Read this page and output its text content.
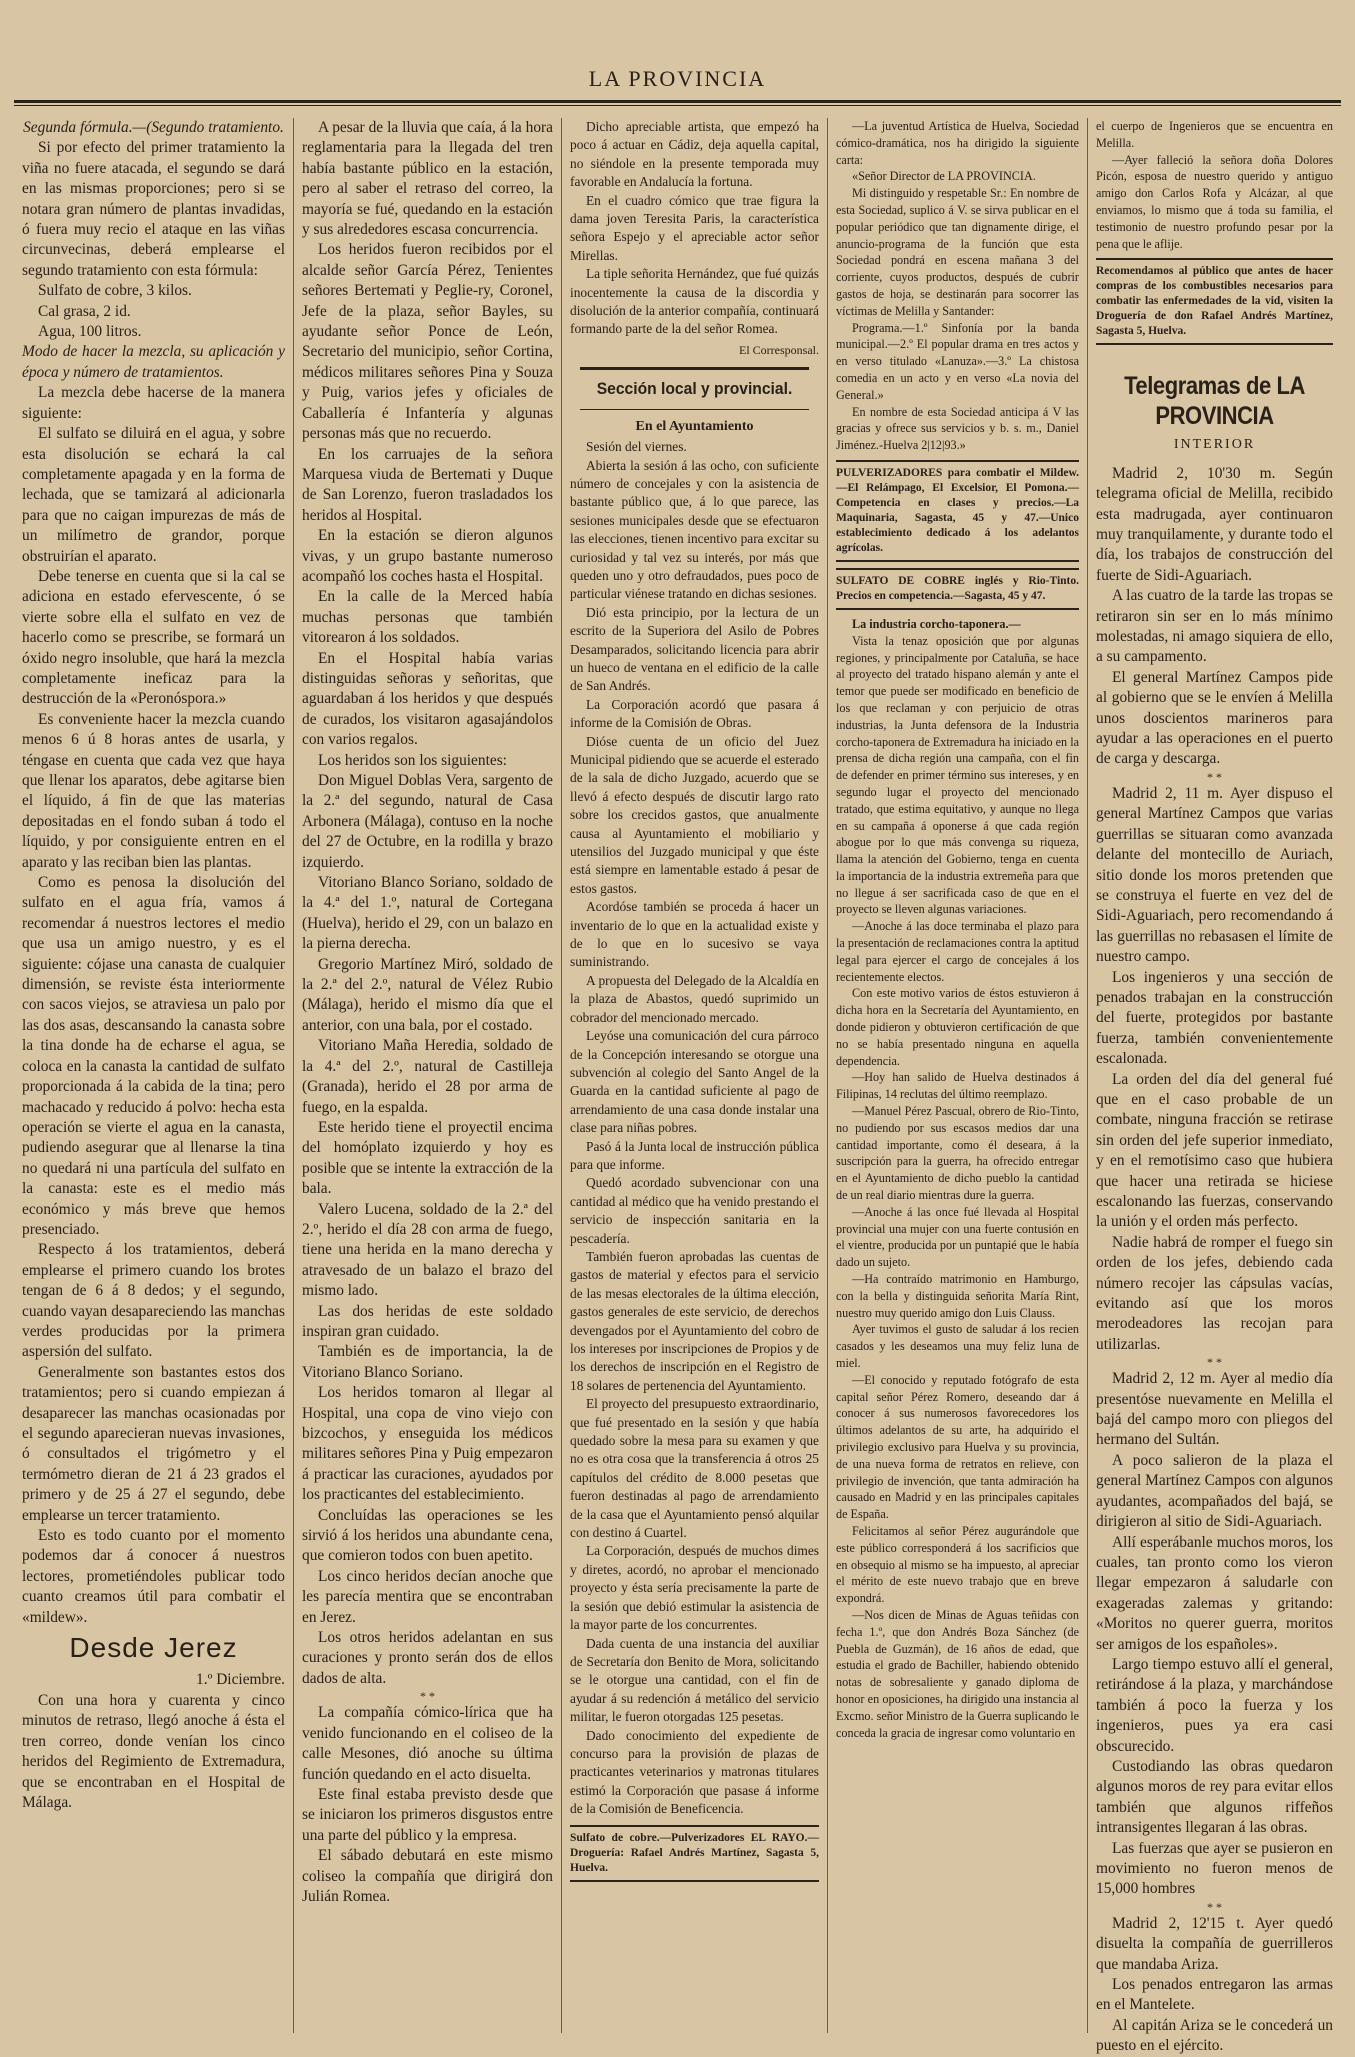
LA PROVINCIA

Segunda fórmula.—(Segundo tratamiento.

Si por efecto del primer tratamiento la viña no fuere atacada, el segundo se dará en las mismas proporciones; pero si se notara gran número de plantas invadidas, ó fuera muy recio el ataque en las viñas circunvecinas, deberá emplearse el segundo tratamiento con esta fórmula:

Sulfato de cobre, 3 kilos.

Cal grasa, 2 id.

Agua, 100 litros.

Modo de hacer la mezcla, su aplicación y época y número de tratamientos.

La mezcla debe hacerse de la manera siguiente:

El sulfato se diluirá en el agua, y sobre esta disolución se echará la cal completamente apagada y en la forma de lechada, que se tamizará al adicionarla para que no caigan impurezas de más de un milímetro de grandor, porque obstruirían el aparato.

Debe tenerse en cuenta que si la cal se adiciona en estado efervescente, ó se vierte sobre ella el sulfato en vez de hacerlo como se prescribe, se formará un óxido negro insoluble, que hará la mezcla completamente ineficaz para la destrucción de la «Peronóspora.»

Es conveniente hacer la mezcla cuando menos 6 ú 8 horas antes de usarla, y téngase en cuenta que cada vez que haya que llenar los aparatos, debe agitarse bien el líquido, á fin de que las materias depositadas en el fondo suban á todo el líquido, y por consiguiente entren en el aparato y las reciban bien las plantas.

Como es penosa la disolución del sulfato en el agua fría, vamos á recomendar á nuestros lectores el medio que usa un amigo nuestro, y es el siguiente: cójase una canasta de cualquier dimensión, se reviste ésta interiormente con sacos viejos, se atraviesa un palo por las dos asas, descansando la canasta sobre la tina donde ha de echarse el agua, se coloca en la canasta la cantidad de sulfato proporcionada á la cabida de la tina; pero machacado y reducido á polvo: hecha esta operación se vierte el agua en la canasta, pudiendo asegurar que al llenarse la tina no quedará ni una partícula del sulfato en la canasta: este es el medio más económico y más breve que hemos presenciado.

Respecto á los tratamientos, deberá emplearse el primero cuando los brotes tengan de 6 á 8 dedos; y el segundo, cuando vayan desapareciendo las manchas verdes producidas por la primera aspersión del sulfato.

Generalmente son bastantes estos dos tratamientos; pero si cuando empiezan á desaparecer las manchas ocasionadas por el segundo aparecieran nuevas invasiones, ó consultados el trigómetro y el termómetro dieran de 21 á 23 grados el primero y de 25 á 27 el segundo, debe emplearse un tercer tratamiento.

Esto es todo cuanto por el momento podemos dar á conocer á nuestros lectores, prometiéndoles publicar todo cuanto creamos útil para combatir el «mildew».

Desde Jerez

1.º Diciembre.

Con una hora y cuarenta y cinco minutos de retraso, llegó anoche á ésta el tren correo, donde venían los cinco heridos del Regimiento de Extremadura, que se encontraban en el Hospital de Málaga.

A pesar de la lluvia que caía, á la hora reglamentaria para la llegada del tren había bastante público en la estación, pero al saber el retraso del correo, la mayoría se fué, quedando en la estación y sus alrededores escasa concurrencia.

Los heridos fueron recibidos por el alcalde señor García Pérez, Tenientes señores Bertemati y Peglie-ry, Coronel, Jefe de la plaza, señor Bayles, su ayudante señor Ponce de León, Secretario del municipio, señor Cortina, médicos militares señores Pina y Souza y Puig, varios jefes y oficiales de Caballería é Infantería y algunas personas más que no recuerdo.

En los carruajes de la señora Marquesa viuda de Bertemati y Duque de San Lorenzo, fueron trasladados los heridos al Hospital.

En la estación se dieron algunos vivas, y un grupo bastante numeroso acompañó los coches hasta el Hospital.

En la calle de la Merced había muchas personas que también vitorearon á los soldados.

En el Hospital había varias distinguidas señoras y señoritas, que aguardaban á los heridos y que después de curados, los visitaron agasajándolos con varios regalos.

Los heridos son los siguientes:

Don Miguel Doblas Vera, sargento de la 2.ª del segundo, natural de Casa Arbonera (Málaga), contuso en la noche del 27 de Octubre, en la rodilla y brazo izquierdo.

Vitoriano Blanco Soriano, soldado de la 4.ª del 1.º, natural de Cortegana (Huelva), herido el 29, con un balazo en la pierna derecha.

Gregorio Martínez Miró, soldado de la 2.ª del 2.º, natural de Vélez Rubio (Málaga), herido el mismo día que el anterior, con una bala, por el costado.

Vitoriano Maña Heredia, soldado de la 4.ª del 2.º, natural de Castilleja (Granada), herido el 28 por arma de fuego, en la espalda.

Este herido tiene el proyectil encima del homóplato izquierdo y hoy es posible que se intente la extracción de la bala.

Valero Lucena, soldado de la 2.ª del 2.º, herido el día 28 con arma de fuego, tiene una herida en la mano derecha y atravesado de un balazo el brazo del mismo lado.

Las dos heridas de este soldado inspiran gran cuidado.

También es de importancia, la de Vitoriano Blanco Soriano.

Los heridos tomaron al llegar al Hospital, una copa de vino viejo con bizcochos, y enseguida los médicos militares señores Pina y Puig empezaron á practicar las curaciones, ayudados por los practicantes del establecimiento.

Concluídas las operaciones se les sirvió á los heridos una abundante cena, que comieron todos con buen apetito.

Los cinco heridos decían anoche que les parecía mentira que se encontraban en Jerez.

Los otros heridos adelantan en sus curaciones y pronto serán dos de ellos dados de alta.

* *

La compañía cómico-lírica que ha venido funcionando en el coliseo de la calle Mesones, dió anoche su última función quedando en el acto disuelta.

Este final estaba previsto desde que se iniciaron los primeros disgustos entre una parte del público y la empresa.

El sábado debutará en este mismo coliseo la compañía que dirigirá don Julián Romea.

Dicho apreciable artista, que empezó ha poco á actuar en Cádiz, deja aquella capital, no siéndole en la presente temporada muy favorable en Andalucía la fortuna.

En el cuadro cómico que trae figura la dama joven Teresita Paris, la característica señora Espejo y el apreciable actor señor Mirellas.

La tiple señorita Hernández, que fué quizás inocentemente la causa de la discordia y disolución de la anterior compañía, continuará formando parte de la del señor Romea.

El Corresponsal.
Sección local y provincial.
En el Ayuntamiento

Sesión del viernes.

Abierta la sesión á las ocho, con suficiente número de concejales y con la asistencia de bastante público que, á lo que parece, las sesiones municipales desde que se efectuaron las elecciones, tienen incentivo para excitar su curiosidad y tal vez su interés, por más que queden uno y otro defraudados, pues poco de particular viénese tratando en dichas sesiones.

Dió esta principio, por la lectura de un escrito de la Superiora del Asilo de Pobres Desamparados, solicitando licencia para abrir un hueco de ventana en el edificio de la calle de San Andrés.

La Corporación acordó que pasara á informe de la Comisión de Obras.

Dióse cuenta de un oficio del Juez Municipal pidiendo que se acuerde el esterado de la sala de dicho Juzgado, acuerdo que se llevó á efecto después de discutir largo rato sobre los crecidos gastos, que anualmente causa al Ayuntamiento el mobiliario y utensilios del Juzgado municipal y que éste está siempre en lamentable estado á pesar de estos gastos.

Acordóse también se proceda á hacer un inventario de lo que en la actualidad existe y de lo que en lo sucesivo se vaya suministrando.

A propuesta del Delegado de la Alcaldía en la plaza de Abastos, quedó suprimido un cobrador del mencionado mercado.

Leyóse una comunicación del cura párroco de la Concepción interesando se otorgue una subvención al colegio del Santo Angel de la Guarda en la cantidad suficiente al pago de arrendamiento de una casa donde instalar una clase para niñas pobres.

Pasó á la Junta local de instrucción pública para que informe.

Quedó acordado subvencionar con una cantidad al médico que ha venido prestando el servicio de inspección sanitaria en la pescadería.

También fueron aprobadas las cuentas de gastos de material y efectos para el servicio de las mesas electorales de la última elección, gastos generales de este servicio, de derechos devengados por el Ayuntamiento del cobro de los intereses por inscripciones de Propios y de los derechos de inscripción en el Registro de 18 solares de pertenencia del Ayuntamiento.

El proyecto del presupuesto extraordinario, que fué presentado en la sesión y que había quedado sobre la mesa para su examen y que no es otra cosa que la transferencia á otros 25 capítulos del crédito de 8.000 pesetas que fueron destinadas al pago de arrendamiento de la casa que el Ayuntamiento pensó alquilar con destino á Cuartel.

La Corporación, después de muchos dimes y diretes, acordó, no aprobar el mencionado proyecto y ésta sería precisamente la parte de la sesión que debió estimular la asistencia de la mayor parte de los concurrentes.

Dada cuenta de una instancia del auxiliar de Secretaría don Benito de Mora, solicitando se le otorgue una cantidad, con el fin de ayudar á su redención á metálico del servicio militar, le fueron otorgadas 125 pesetas.

Dado conocimiento del expediente de concurso para la provisión de plazas de practicantes veterinarios y matronas titulares estimó la Corporación que pasase á informe de la Comisión de Beneficencia.

Sulfato de cobre.—Pulverizadores EL RAYO.—Droguería: Rafael Andrés Martínez, Sagasta 5, Huelva.

—La juventud Artística de Huelva, Sociedad cómico-dramática, nos ha dirigido la siguiente carta:

«Señor Director de LA PROVINCIA.

Mi distinguido y respetable Sr.: En nombre de esta Sociedad, suplico á V. se sirva publicar en el popular periódico que tan dignamente dirige, el anuncio-programa de la función que esta Sociedad pondrá en escena mañana 3 del corriente, cuyos productos, después de cubrir gastos de hoja, se destinarán para socorrer las víctimas de Melilla y Santander:

Programa.—1.º Sinfonía por la banda municipal.—2.º El popular drama en tres actos y en verso titulado «Lanuza».—3.º La chistosa comedia en un acto y en verso «La novia del General.»

En nombre de esta Sociedad anticipa á V las gracias y ofrece sus servicios y b. s. m., Daniel Jiménez.-Huelva 2|12|93.»

PULVERIZADORES para combatir el Mildew.—El Relámpago, El Excelsior, El Pomona.—Competencia en clases y precios.—La Maquinaria, Sagasta, 45 y 47.—Unico establecimiento dedicado á los adelantos agrícolas.

SULFATO DE COBRE inglés y Rio-Tinto. Precios en competencia.—Sagasta, 45 y 47.

La industria corcho-taponera.—

Vista la tenaz oposición que por algunas regiones, y principalmente por Cataluña, se hace al proyecto del tratado hispano alemán y ante el temor que puede ser modificado en beneficio de los que reclaman y con perjuicio de otras industrias, la Junta defensora de la Industria corcho-taponera de Extremadura ha iniciado en la prensa de dicha región una campaña, con el fin de defender en primer término sus intereses, y en segundo lugar el proyecto del mencionado tratado, que estima equitativo, y aunque no llega en su campaña á oponerse á que cada región abogue por lo que más convenga su riqueza, llama la atención del Gobierno, tenga en cuenta la importancia de la industria extremeña para que no llegue á ser sacrificada caso de que en el proyecto se lleven algunas variaciones.

—Anoche á las doce terminaba el plazo para la presentación de reclamaciones contra la aptitud legal para ejercer el cargo de concejales á los recientemente electos.

Con este motivo varios de éstos estuvieron á dicha hora en la Secretaría del Ayuntamiento, en donde pidieron y obtuvieron certificación de que no se había presentado ninguna en aquella dependencia.

—Hoy han salido de Huelva destinados á Filipinas, 14 reclutas del último reemplazo.

—Manuel Pérez Pascual, obrero de Rio-Tinto, no pudiendo por sus escasos medios dar una cantidad importante, como él deseara, á la suscripción para la guerra, ha ofrecido entregar en el Ayuntamiento de dicho pueblo la cantidad de un real diario mientras dure la guerra.

—Anoche á las once fué llevada al Hospital provincial una mujer con una fuerte contusión en el vientre, producida por un puntapié que le había dado un sujeto.

—Ha contraído matrimonio en Hamburgo, con la bella y distinguida señorita María Rint, nuestro muy querido amigo don Luis Clauss.

Ayer tuvimos el gusto de saludar á los recien casados y les deseamos una muy feliz luna de miel.

—El conocido y reputado fotógrafo de esta capital señor Pérez Romero, deseando dar á conocer á sus numerosos favorecedores los últimos adelantos de su arte, ha adquirido el privilegio exclusivo para Huelva y su provincia, de una nueva forma de retratos en relieve, con privilegio de invención, que tanta admiración ha causado en Madrid y en las principales capitales de España.

Felicitamos al señor Pérez augurándole que este público corresponderá á los sacrificios que en obsequio al mismo se ha impuesto, al apreciar el mérito de este nuevo trabajo que en breve expondrá.

—Nos dicen de Minas de Aguas teñidas con fecha 1.º, que don Andrés Boza Sánchez (de Puebla de Guzmán), de 16 años de edad, que estudia el grado de Bachiller, habiendo obtenido notas de sobresaliente y ganado diploma de honor en oposiciones, ha dirigido una instancia al Excmo. señor Ministro de la Guerra suplicando le conceda la gracia de ingresar como voluntario en

el cuerpo de Ingenieros que se encuentra en Melilla.

—Ayer falleció la señora doña Dolores Picón, esposa de nuestro querido y antiguo amigo don Carlos Rofa y Alcázar, al que enviamos, lo mismo que á toda su familia, el testimonio de nuestro profundo pesar por la pena que le aflije.

Recomendamos al público que antes de hacer compras de los combustibles necesarios para combatir las enfermedades de la vid, visiten la Droguería de don Rafael Andrés Martínez, Sagasta 5, Huelva.

Telegramas de LA PROVINCIA
INTERIOR

Madrid 2, 10'30 m. Según telegrama oficial de Melilla, recibido esta madrugada, ayer continuaron muy tranquilamente, y durante todo el día, los trabajos de construcción del fuerte de Sidi-Aguariach.

A las cuatro de la tarde las tropas se retiraron sin ser en lo más mínimo molestadas, ni amago siquiera de ello, a su campamento.

El general Martínez Campos pide al gobierno que se le envíen á Melilla unos doscientos marineros para ayudar a las operaciones en el puerto de carga y descarga.

* *

Madrid 2, 11 m. Ayer dispuso el general Martínez Campos que varias guerrillas se situaran como avanzada delante del montecillo de Auriach, sitio donde los moros pretenden que se construya el fuerte en vez del de Sidi-Aguariach, pero recomendando á las guerrillas no rebasasen el límite de nuestro campo.

Los ingenieros y una sección de penados trabajan en la construcción del fuerte, protegidos por bastante fuerza, también convenientemente escalonada.

La orden del día del general fué que en el caso probable de un combate, ninguna fracción se retirase sin orden del jefe superior inmediato, y en el remotísimo caso que hubiera que hacer una retirada se hiciese escalonando las fuerzas, conservando la unión y el orden más perfecto.

Nadie habrá de romper el fuego sin orden de los jefes, debiendo cada número recojer las cápsulas vacías, evitando así que los moros merodeadores las recojan para utilizarlas.

* *

Madrid 2, 12 m. Ayer al medio día presentóse nuevamente en Melilla el bajá del campo moro con pliegos del hermano del Sultán.

A poco salieron de la plaza el general Martínez Campos con algunos ayudantes, acompañados del bajá, se dirigieron al sitio de Sidi-Aguariach.

Allí esperábanle muchos moros, los cuales, tan pronto como los vieron llegar empezaron á saludarle con exageradas zalemas y gritando: «Moritos no querer guerra, moritos ser amigos de los españoles».

Largo tiempo estuvo allí el general, retirándose á la plaza, y marchándose también á poco la fuerza y los ingenieros, pues ya era casi obscurecido.

Custodiando las obras quedaron algunos moros de rey para evitar ellos también que algunos riffeños intransigentes llegaran á las obras.

Las fuerzas que ayer se pusieron en movimiento no fueron menos de 15,000 hombres

* *

Madrid 2, 12'15 t. Ayer quedó disuelta la compañía de guerrilleros que mandaba Ariza.

Los penados entregaron las armas en el Mantelete.

Al capitán Ariza se le concederá un puesto en el ejército.
